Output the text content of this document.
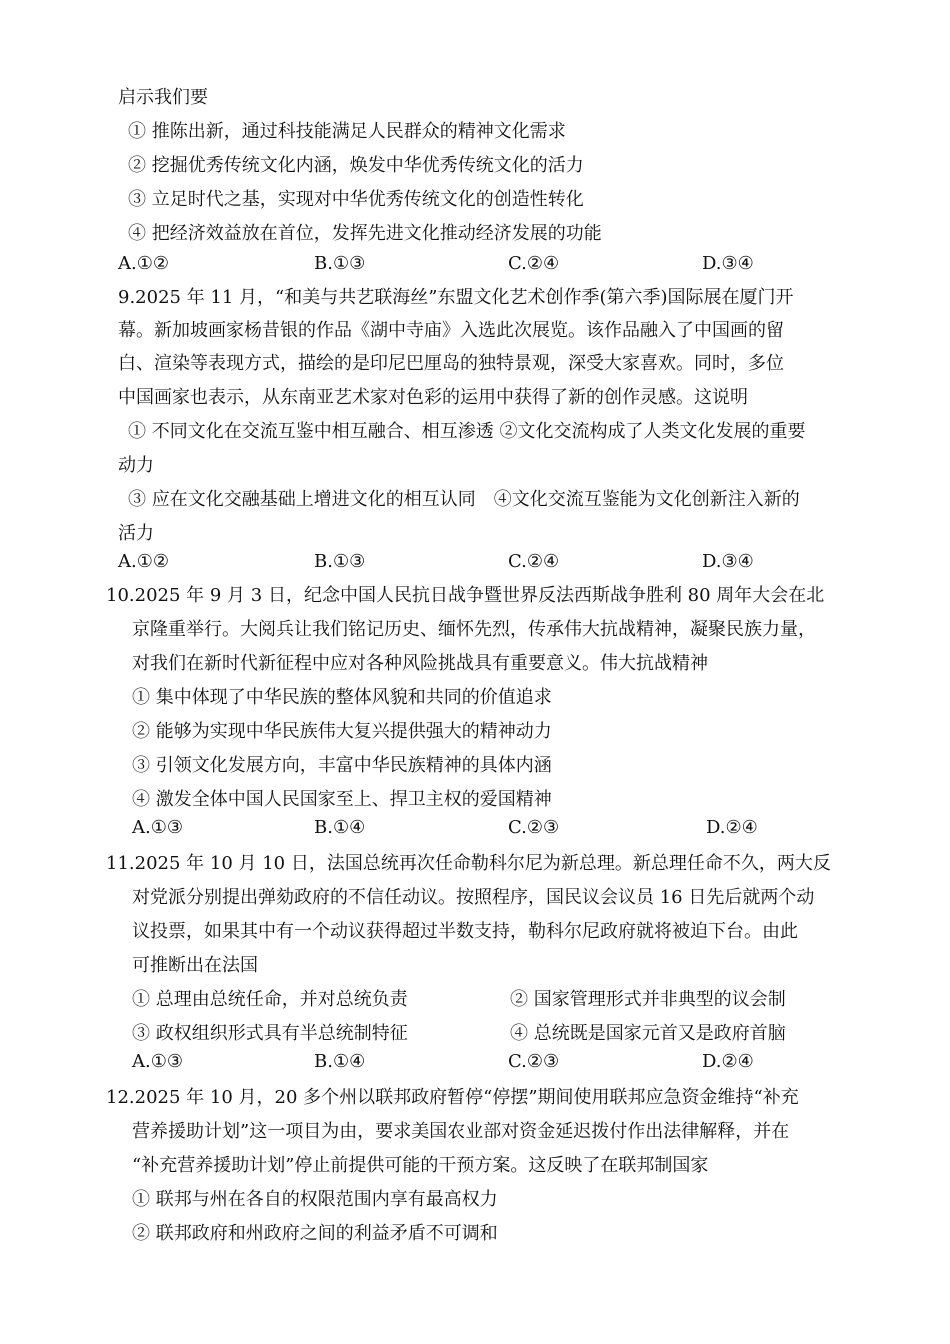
启示我们要
① 推陈出新，通过科技能满足人民群众的精神文化需求
② 挖掘优秀传统文化内涵，焕发中华优秀传统文化的活力
③ 立足时代之基，实现对中华优秀传统文化的创造性转化
④ 把经济效益放在首位，发挥先进文化推动经济发展的功能
A.①②	B.①③	C.②④	D.③④
9.2025 年 11 月，“和美与共艺联海丝”东盟文化艺术创作季(第六季)国际展在厦门开
幕。新加坡画家杨昔银的作品《湖中寺庙》入选此次展览。该作品融入了中国画的留
白、渲染等表现方式，描绘的是印尼巴厘岛的独特景观，深受大家喜欢。同时，多位
中国画家也表示，从东南亚艺术家对色彩的运用中获得了新的创作灵感。这说明
① 不同文化在交流互鉴中相互融合、相互渗透 ②文化交流构成了人类文化发展的重要
动力
③ 应在文化交融基础上增进文化的相互认同　④文化交流互鉴能为文化创新注入新的
活力
A.①②	B.①③	C.②④	D.③④
10.2025 年 9 月 3 日，纪念中国人民抗日战争暨世界反法西斯战争胜利 80 周年大会在北
京隆重举行。大阅兵让我们铭记历史、缅怀先烈，传承伟大抗战精神，凝聚民族力量，
对我们在新时代新征程中应对各种风险挑战具有重要意义。伟大抗战精神
① 集中体现了中华民族的整体风貌和共同的价值追求
② 能够为实现中华民族伟大复兴提供强大的精神动力
③ 引领文化发展方向，丰富中华民族精神的具体内涵
④ 激发全体中国人民国家至上、捍卫主权的爱国精神
A.①③	B.①④	C.②③	D.②④
11.2025 年 10 月 10 日，法国总统再次任命勒科尔尼为新总理。新总理任命不久，两大反
对党派分别提出弹劾政府的不信任动议。按照程序，国民议会议员 16 日先后就两个动
议投票，如果其中有一个动议获得超过半数支持，勒科尔尼政府就将被迫下台。由此
可推断出在法国
① 总理由总统任命，并对总统负责	② 国家管理形式并非典型的议会制
③ 政权组织形式具有半总统制特征	④ 总统既是国家元首又是政府首脑
A.①③	B.①④	C.②③	D.②④
12.2025 年 10 月，20 多个州以联邦政府暂停“停摆”期间使用联邦应急资金维持“补充
营养援助计划”这一项目为由，要求美国农业部对资金延迟拨付作出法律解释，并在
“补充营养援助计划”停止前提供可能的干预方案。这反映了在联邦制国家
① 联邦与州在各自的权限范围内享有最高权力
② 联邦政府和州政府之间的利益矛盾不可调和
